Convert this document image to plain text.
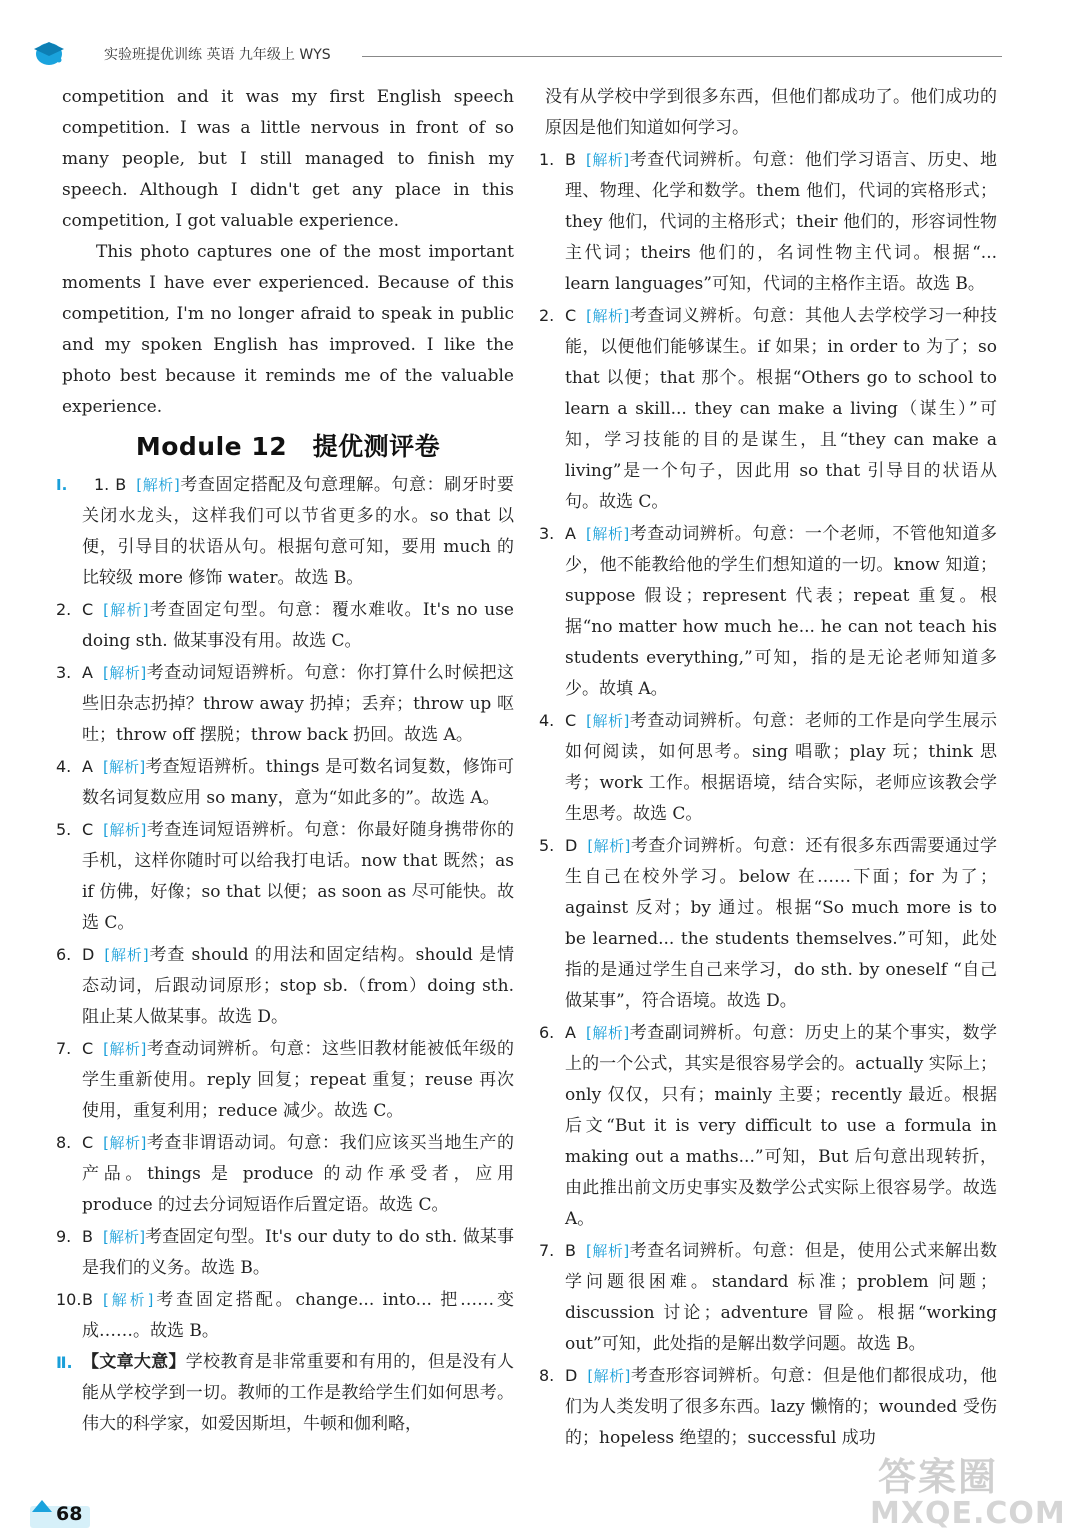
实验班提优训练 英语 九年级上 WYS

competition and it was my first English speech competition. I was a little nervous in front of so many people, but I still managed to finish my speech. Although I didn't get any place in this competition, I got valuable experience.

This photo captures one of the most important moments I have ever experienced. Because of this competition, I'm no longer afraid to speak in public and my spoken English has improved. I like the photo best because it reminds me of the valuable experience.

Module 12　提优测评卷
Ⅰ. 1. B [解析]考查固定搭配及句意理解。句意：刷牙时要关闭水龙头，这样我们可以节省更多的水。so that 以便，引导目的状语从句。根据句意可知，要用 much 的比较级 more 修饰 water。故选 B。
2. C [解析]考查固定句型。句意：覆水难收。It's no use doing sth. 做某事没有用。故选 C。
3. A [解析]考查动词短语辨析。句意：你打算什么时候把这些旧杂志扔掉？throw away 扔掉；丢弃；throw up 呕吐；throw off 摆脱；throw back 扔回。故选 A。
4. A [解析]考查短语辨析。things 是可数名词复数，修饰可数名词复数应用 so many，意为“如此多的”。故选 A。
5. C [解析]考查连词短语辨析。句意：你最好随身携带你的手机，这样你随时可以给我打电话。now that 既然；as if 仿佛，好像；so that 以便；as soon as 尽可能快。故选 C。
6. D [解析]考查 should 的用法和固定结构。should 是情态动词，后跟动词原形；stop sb.（from）doing sth. 阻止某人做某事。故选 D。
7. C [解析]考查动词辨析。句意：这些旧教材能被低年级的学生重新使用。reply 回复；repeat 重复；reuse 再次使用，重复利用；reduce 减少。故选 C。
8. C [解析]考查非谓语动词。句意：我们应该买当地生产的产品。things 是 produce 的动作承受者，应用 produce 的过去分词短语作后置定语。故选 C。
9. B [解析]考查固定句型。It's our duty to do sth. 做某事是我们的义务。故选 B。
10. B [解析]考查固定搭配。change... into... 把……变成……。故选 B。
Ⅱ. 【文章大意】学校教育是非常重要和有用的，但是没有人能从学校学到一切。教师的工作是教给学生们如何思考。伟大的科学家，如爱因斯坦，牛顿和伽利略，

没有从学校中学到很多东西，但他们都成功了。他们成功的原因是他们知道如何学习。

1. B [解析]考查代词辨析。句意：他们学习语言、历史、地理、物理、化学和数学。them 他们，代词的宾格形式；they 他们，代词的主格形式；their 他们的，形容词性物主代词；theirs 他们的，名词性物主代词。根据“... learn languages”可知，代词的主格作主语。故选 B。
2. C [解析]考查词义辨析。句意：其他人去学校学习一种技能，以便他们能够谋生。if 如果；in order to 为了；so that 以便；that 那个。根据“Others go to school to learn a skill... they can make a living（谋生）”可知，学习技能的目的是谋生，且“they can make a living”是一个句子，因此用 so that 引导目的状语从句。故选 C。
3. A [解析]考查动词辨析。句意：一个老师，不管他知道多少，他不能教给他的学生们想知道的一切。know 知道；suppose 假设；represent 代表；repeat 重复。根据“no matter how much he... he can not teach his students everything,”可知，指的是无论老师知道多少。故填 A。
4. C [解析]考查动词辨析。句意：老师的工作是向学生展示如何阅读，如何思考。sing 唱歌；play 玩；think 思考；work 工作。根据语境，结合实际，老师应该教会学生思考。故选 C。
5. D [解析]考查介词辨析。句意：还有很多东西需要通过学生自己在校外学习。below 在……下面；for 为了；against 反对；by 通过。根据“So much more is to be learned... the students themselves.”可知，此处指的是通过学生自己来学习，do sth. by oneself “自己做某事”，符合语境。故选 D。
6. A [解析]考查副词辨析。句意：历史上的某个事实，数学上的一个公式，其实是很容易学会的。actually 实际上；only 仅仅，只有；mainly 主要；recently 最近。根据后文“But it is very difficult to use a formula in making out a maths...”可知，But 后句意出现转折，由此推出前文历史事实及数学公式实际上很容易学。故选 A。
7. B [解析]考查名词辨析。句意：但是，使用公式来解出数学问题很困难。standard 标准；problem 问题；discussion 讨论；adventure 冒险。根据“working out”可知，此处指的是解出数学问题。故选 B。
8. D [解析]考查形容词辨析。句意：但是他们都很成功，他们为人类发明了很多东西。lazy 懒惰的；wounded 受伤的；hopeless 绝望的；successful 成功
68
答案圈
MXQE.COM
